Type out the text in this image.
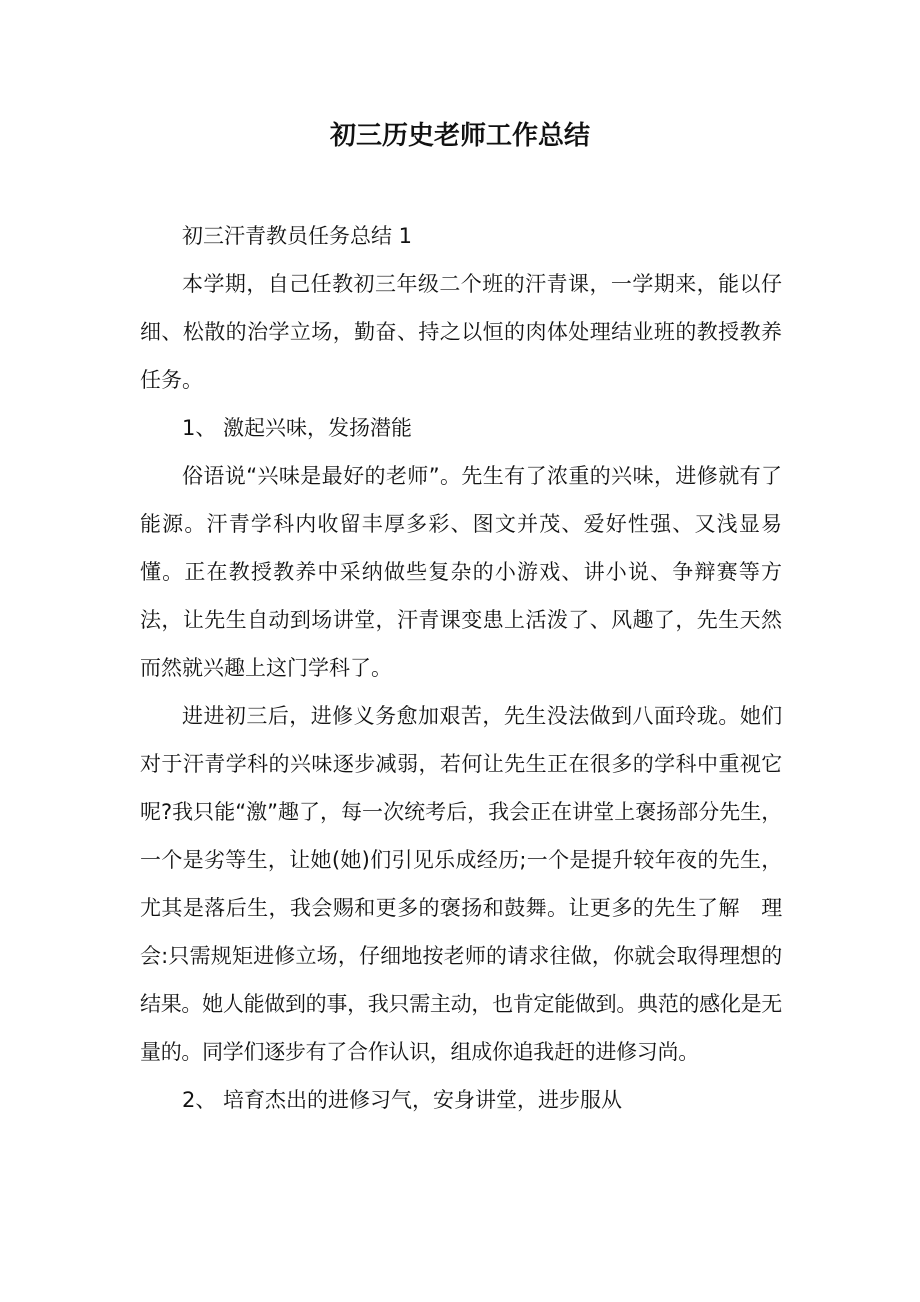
初三历史老师工作总结

初三汗青教员任务总结 1

本学期，自己任教初三年级二个班的汗青课，一学期来，能以仔细、松散的治学立场，勤奋、持之以恒的肉体处理结业班的教授教养任务。

1、 激起兴味，发扬潜能

俗语说“兴味是最好的老师”。先生有了浓重的兴味，进修就有了能源。汗青学科内收留丰厚多彩、图文并茂、爱好性强、又浅显易懂。正在教授教养中采纳做些复杂的小游戏、讲小说、争辩赛等方法，让先生自动到场讲堂，汗青课变患上活泼了、风趣了，先生天然而然就兴趣上这门学科了。

进进初三后，进修义务愈加艰苦，先生没法做到八面玲珑。她们对于汗青学科的兴味逐步减弱，若何让先生正在很多的学科中重视它呢?我只能“激”趣了，每一次统考后，我会正在讲堂上褒扬部分先生，一个是劣等生，让她(她)们引见乐成经历;一个是提升较年夜的先生，尤其是落后生，我会赐和更多的褒扬和鼓舞。让更多的先生了解　理会:只需规矩进修立场，仔细地按老师的请求往做，你就会取得理想的结果。她人能做到的事，我只需主动，也肯定能做到。典范的感化是无量的。同学们逐步有了合作认识，组成你追我赶的进修习尚。

2、 培育杰出的进修习气，安身讲堂，进步服从
